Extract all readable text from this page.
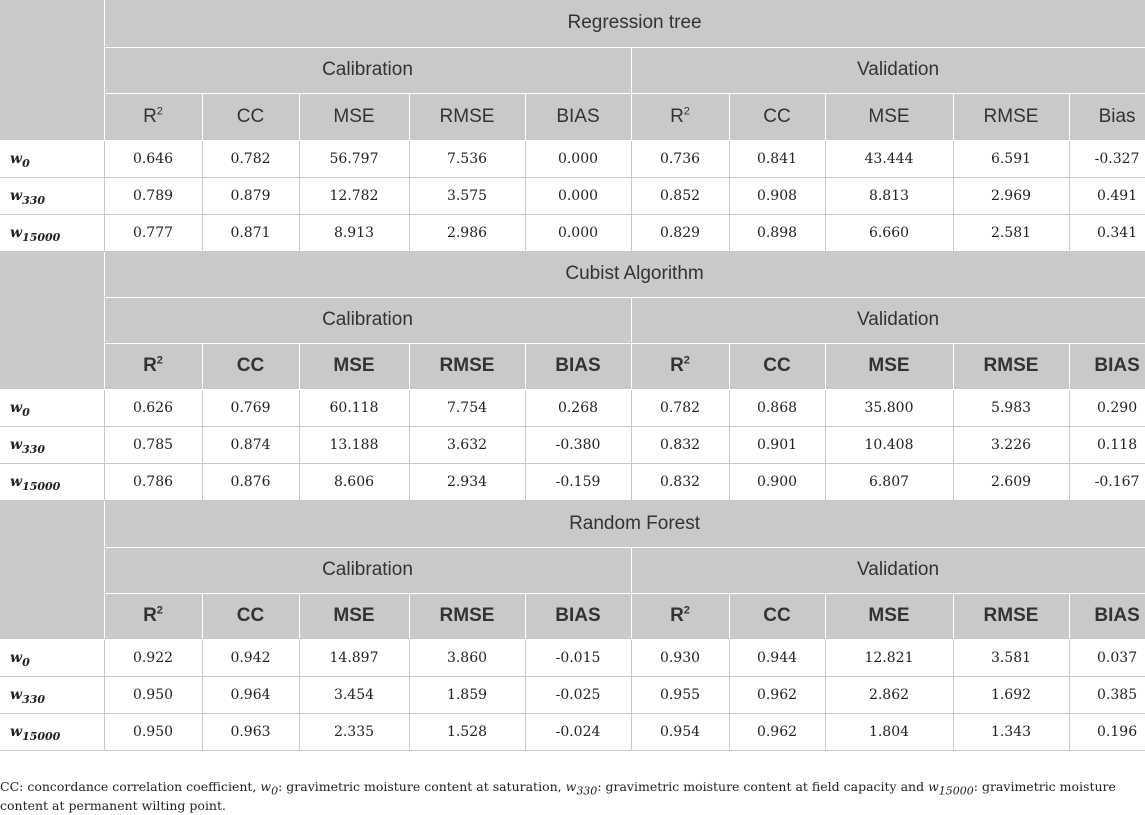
	Regression tree									
	Calibration					Validation				
	$R^2$	CC	MSE	RMSE	BIAS	$R^2$	CC	MSE	RMSE	Bias
$w_0$	0.646	0.782	56.797	7.536	0.000	0.736	0.841	43.444	6.591	-0.327
$w_{330}$	0.789	0.879	12.782	3.575	0.000	0.852	0.908	8.813	2.969	0.491
$w_{15000}$	0.777	0.871	8.913	2.986	0.000	0.829	0.898	6.660	2.581	0.341
	Cubist Algorithm									
	Calibration					Validation				
	$R^2$	CC	MSE	RMSE	BIAS	$R^2$	CC	MSE	RMSE	BIAS
$w_0$	0.626	0.769	60.118	7.754	0.268	0.782	0.868	35.800	5.983	0.290
$w_{330}$	0.785	0.874	13.188	3.632	-0.380	0.832	0.901	10.408	3.226	0.118
$w_{15000}$	0.786	0.876	8.606	2.934	-0.159	0.832	0.900	6.807	2.609	-0.167
	Random Forest									
	Calibration					Validation				
	$R^2$	CC	MSE	RMSE	BIAS	$R^2$	CC	MSE	RMSE	BIAS
$w_0$	0.922	0.942	14.897	3.860	-0.015	0.930	0.944	12.821	3.581	0.037
$w_{330}$	0.950	0.964	3.454	1.859	-0.025	0.955	0.962	2.862	1.692	0.385
$w_{15000}$	0.950	0.963	2.335	1.528	-0.024	0.954	0.962	1.804	1.343	0.196
CC: concordance correlation coefficient, $w_0$: gravimetric moisture content at saturation, $w_{330}$: gravimetric moisture content at field capacity and $w_{15000}$: gravimetric moisture content at permanent wilting point.
